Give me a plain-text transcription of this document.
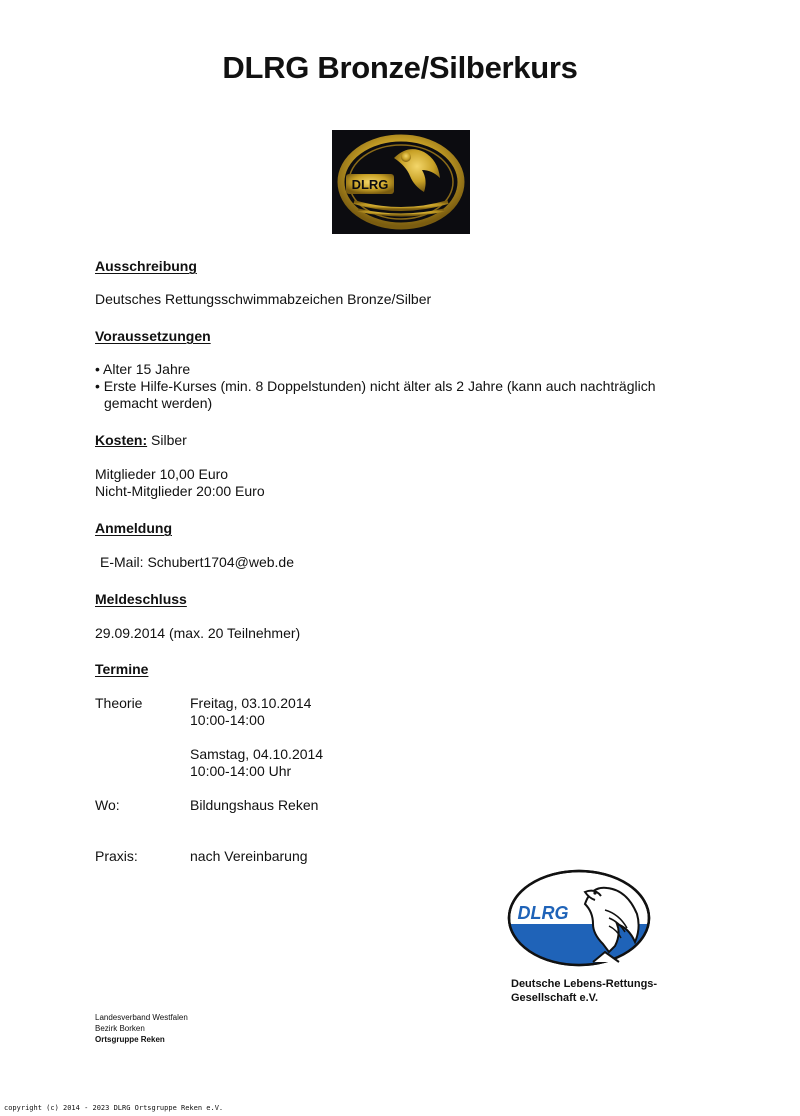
DLRG Bronze/Silberkurs
DLRG
Ausschreibung
Deutsches Rettungsschwimmabzeichen Bronze/Silber
Voraussetzungen
• Alter 15 Jahre
• Erste Hilfe-Kurses (min. 8 Doppelstunden) nicht älter als 2 Jahre (kann auch nachträglich gemacht werden)
Kosten: Silber
Mitglieder 10,00 Euro
Nicht-Mitglieder 20:00 Euro
Anmeldung
E-Mail: Schubert1704@web.de
Meldeschluss
29.09.2014 (max. 20 Teilnehmer)
Termine
Theorie	Freitag, 03.10.2014
10:00-14:00
Samstag, 04.10.2014
10:00-14:00 Uhr
Wo:	Bildungshaus Reken
Praxis:	nach Vereinbarung
DLRG
Deutsche Lebens-Rettungs-
Gesellschaft e.V.
Landesverband Westfalen
Bezirk Borken
Ortsgruppe Reken
copyright (c) 2014 - 2023 DLRG Ortsgruppe Reken e.V.
